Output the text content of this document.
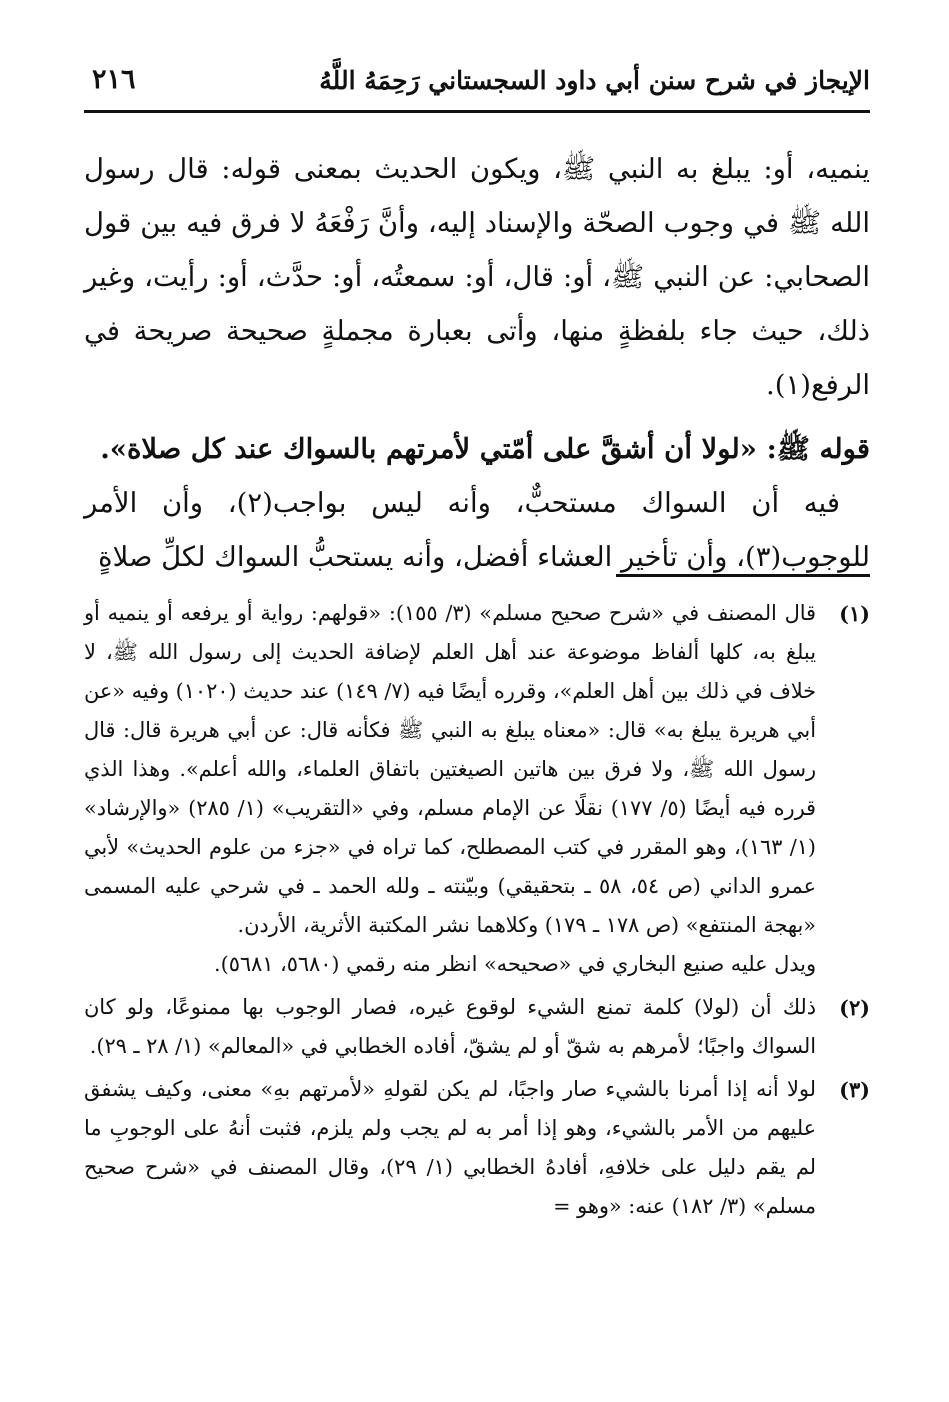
الإيجاز في شرح سنن أبي داود السجستاني رَحِمَهُ اللَّهُ
٢١٦

ينميه، أو: يبلغ به النبي ﷺ، ويكون الحديث بمعنى قوله: قال رسول الله ﷺ في وجوب الصحّة والإسناد إليه، وأنَّ رَفْعَهُ لا فرق فيه بين قول الصحابي: عن النبي ﷺ، أو: قال، أو: سمعتُه، أو: حدَّث، أو: رأيت، وغير ذلك، حيث جاء بلفظةٍ منها، وأتى بعبارة مجملةٍ صحيحة صريحة في الرفع(١).

قوله ﷺ: «لولا أن أشقَّ على أمّتي لأمرتهم بالسواك عند كل صلاة».

فيه أن السواك مستحبٌّ، وأنه ليس بواجب(٢)، وأن الأمر للوجوب(٣)، وأن تأخير العشاء أفضل، وأنه يستحبُّ السواك لكلِّ صلاةٍ

(١)
قال المصنف في «شرح صحيح مسلم» (٣/ ١٥٥): «قولهم: رواية أو يرفعه أو ينميه أو يبلغ به، كلها ألفاظ موضوعة عند أهل العلم لإضافة الحديث إلى رسول الله ﷺ، لا خلاف في ذلك بين أهل العلم»، وقرره أيضًا فيه (٧/ ١٤٩) عند حديث (١٠٢٠) وفيه «عن أبي هريرة يبلغ به» قال: «معناه يبلغ به النبي ﷺ فكأنه قال: عن أبي هريرة قال: قال رسول الله ﷺ، ولا فرق بين هاتين الصيغتين باتفاق العلماء، والله أعلم». وهذا الذي قرره فيه أيضًا (٥/ ١٧٧) نقلًا عن الإمام مسلم، وفي «التقريب» (١/ ٢٨٥) «والإرشاد» (١/ ١٦٣)، وهو المقرر في كتب المصطلح، كما تراه في «جزء من علوم الحديث» لأبي عمرو الداني (ص ٥٤، ٥٨ ـ بتحقيقي) وبيّنته ـ ولله الحمد ـ في شرحي عليه المسمى «بهجة المنتفع» (ص ١٧٨ ـ ١٧٩) وكلاهما نشر المكتبة الأثرية، الأردن.
ويدل عليه صنيع البخاري في «صحيحه» انظر منه رقمي (٥٦٨٠، ٥٦٨١).
(٢)
ذلك أن (لولا) كلمة تمنع الشيء لوقوع غيره، فصار الوجوب بها ممنوعًا، ولو كان السواك واجبًا؛ لأمرهم به شقّ أو لم يشقّ، أفاده الخطابي في «المعالم» (١/ ٢٨ ـ ٢٩).
(٣)
لولا أنه إذا أمرنا بالشيء صار واجبًا، لم يكن لقولهِ «لأمرتهم بهِ» معنى، وكيف يشفق عليهم من الأمر بالشيء، وهو إذا أمر به لم يجب ولم يلزم، فثبت أنهُ على الوجوبِ ما لم يقم دليل على خلافهِ، أفادهُ الخطابي (١/ ٢٩)، وقال المصنف في «شرح صحيح مسلم» (٣/ ١٨٢) عنه: «وهو =
